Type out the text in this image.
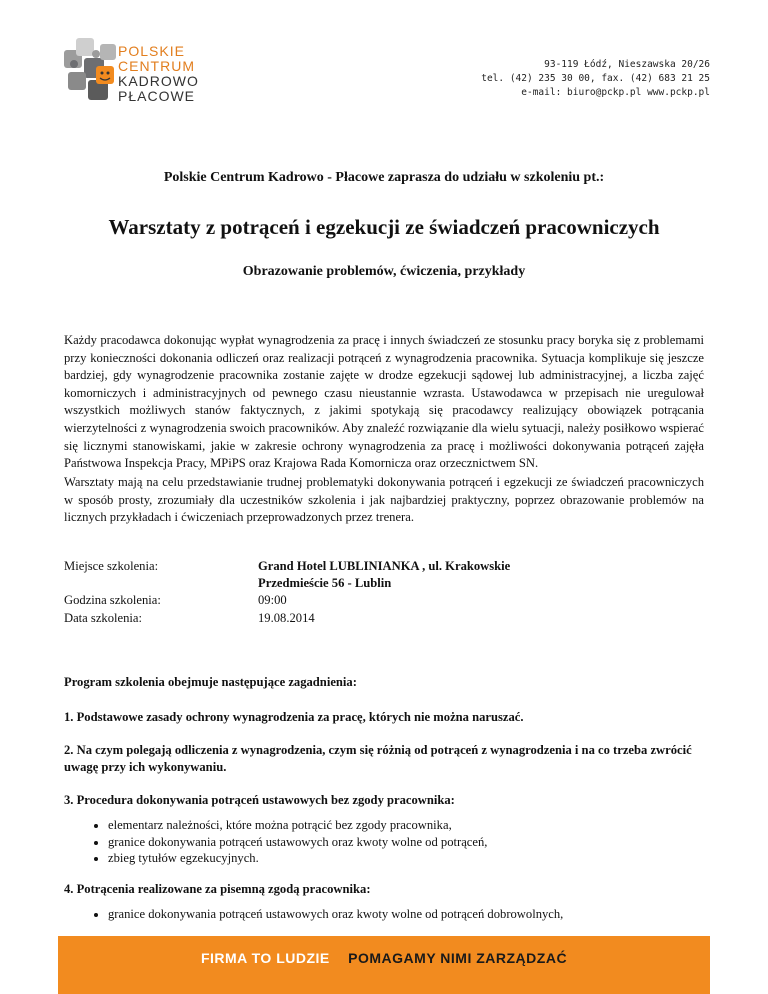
POLSKIE
CENTRUM
KADROWO
PŁACOWE
93-119 Łódź, Nieszawska 20/26
tel. (42) 235 30 00, fax. (42) 683 21 25
e-mail: biuro@pckp.pl www.pckp.pl
Polskie Centrum Kadrowo - Płacowe zaprasza do udziału w szkoleniu pt.:
Warsztaty z potrąceń i egzekucji ze świadczeń pracowniczych
Obrazowanie problemów, ćwiczenia, przykłady

Każdy pracodawca dokonując wypłat wynagrodzenia za pracę i innych świadczeń ze stosunku pracy boryka się z problemami przy konieczności dokonania odliczeń oraz realizacji potrąceń z wynagrodzenia pracownika. Sytuacja komplikuje się jeszcze bardziej, gdy wynagrodzenie pracownika zostanie zajęte w drodze egzekucji sądowej lub administracyjnej, a liczba zajęć komorniczych i administracyjnych od pewnego czasu nieustannie wzrasta. Ustawodawca w przepisach nie uregulował wszystkich możliwych stanów faktycznych, z jakimi spotykają się pracodawcy realizujący obowiązek potrącania wierzytelności z wynagrodzenia swoich pracowników. Aby znaleźć rozwiązanie dla wielu sytuacji, należy posiłkowo wspierać się licznymi stanowiskami, jakie w zakresie ochrony wynagrodzenia za pracę i możliwości dokonywania potrąceń zajęła Państwowa Inspekcja Pracy, MPiPS oraz Krajowa Rada Komornicza oraz orzecznictwem SN.

Warsztaty mają na celu przedstawianie trudnej problematyki dokonywania potrąceń i egzekucji ze świadczeń pracowniczych w sposób prosty, zrozumiały dla uczestników szkolenia i jak najbardziej praktyczny, poprzez obrazowanie problemów na licznych przykładach i ćwiczeniach przeprowadzonych przez trenera.

Miejsce szkolenia:	Grand Hotel LUBLINIANKA , ul. Krakowskie Przedmieście 56 - Lublin
Godzina szkolenia:	09:00
Data szkolenia:	19.08.2014
Program szkolenia obejmuje następujące zagadnienia:
1. Podstawowe zasady ochrony wynagrodzenia za pracę, których nie można naruszać.
2. Na czym polegają odliczenia z wynagrodzenia, czym się różnią od potrąceń z wynagrodzenia i na co trzeba zwrócić uwagę przy ich wykonywaniu.
3. Procedura dokonywania potrąceń ustawowych bez zgody pracownika:
• elementarz należności, które można potrącić bez zgody pracownika,
• granice dokonywania potrąceń ustawowych oraz kwoty wolne od potrąceń,
• zbieg tytułów egzekucyjnych.
4. Potrącenia realizowane za pisemną zgodą pracownika:
• granice dokonywania potrąceń ustawowych oraz kwoty wolne od potrąceń dobrowolnych,
FIRMA TO LUDZIE POMAGAMY NIMI ZARZĄDZAĆ
